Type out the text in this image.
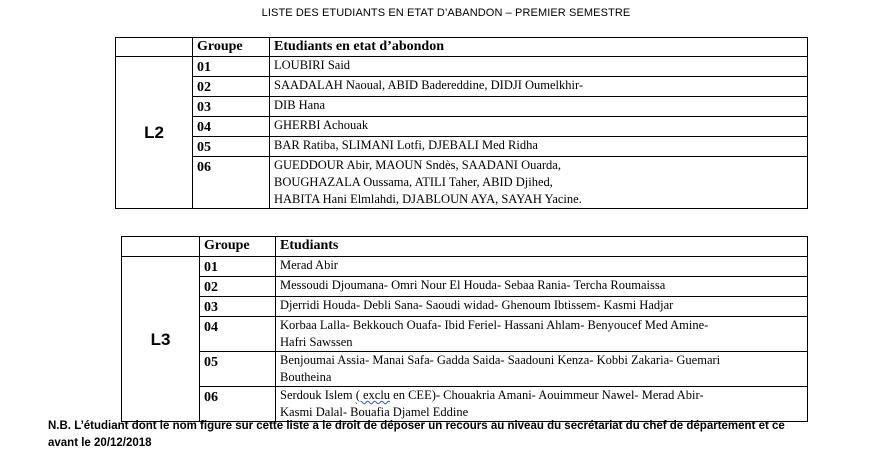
LISTE DES ETUDIANTS EN ETAT D’ABANDON – PREMIER SEMESTRE
	Groupe	Etudiants en etat d’abondon
L2	01	LOUBIRI Said

	02	SAADALAH Naoual, ABID Badereddine, DIDJI Oumelkhir-

	03	DIB Hana

	04	GHERBI Achouak

	05	BAR Ratiba, SLIMANI Lotfi, DJEBALI Med Ridha

	06	GUEDDOUR Abir, MAOUN Sndès, SAADANI Ouarda,
BOUGHAZALA Oussama, ATILI Taher, ABID Djihed,
HABITA Hani Elmlahdi, DJABLOUN AYA, SAYAH Yacine.
	Groupe	Etudiants
L3	01	Merad Abir

	02	Messoudi Djoumana- Omri Nour El Houda- Sebaa Rania- Tercha Roumaissa

	03	Djerridi Houda- Debli Sana- Saoudi widad- Ghenoum Ibtissem- Kasmi Hadjar

	04	Korbaa Lalla- Bekkouch Ouafa- Ibid Feriel- Hassani Ahlam- Benyoucef Med Amine-
Hafri Sawssen

	05	Benjoumai Assia- Manai Safa- Gadda Saida- Saadouni Kenza- Kobbi Zakaria- Guemari
Boutheina

	06	Serdouk Islem ( exclu en CEE)- Chouakria Amani- Aouimmeur Nawel- Merad Abir-
Kasmi Dalal- Bouafia Djamel Eddine
N.B. L’étudiant dont le nom figure sur cette liste a le droit de déposer un recours au niveau du secrétariat du chef de département et ce
avant le 20/12/2018
